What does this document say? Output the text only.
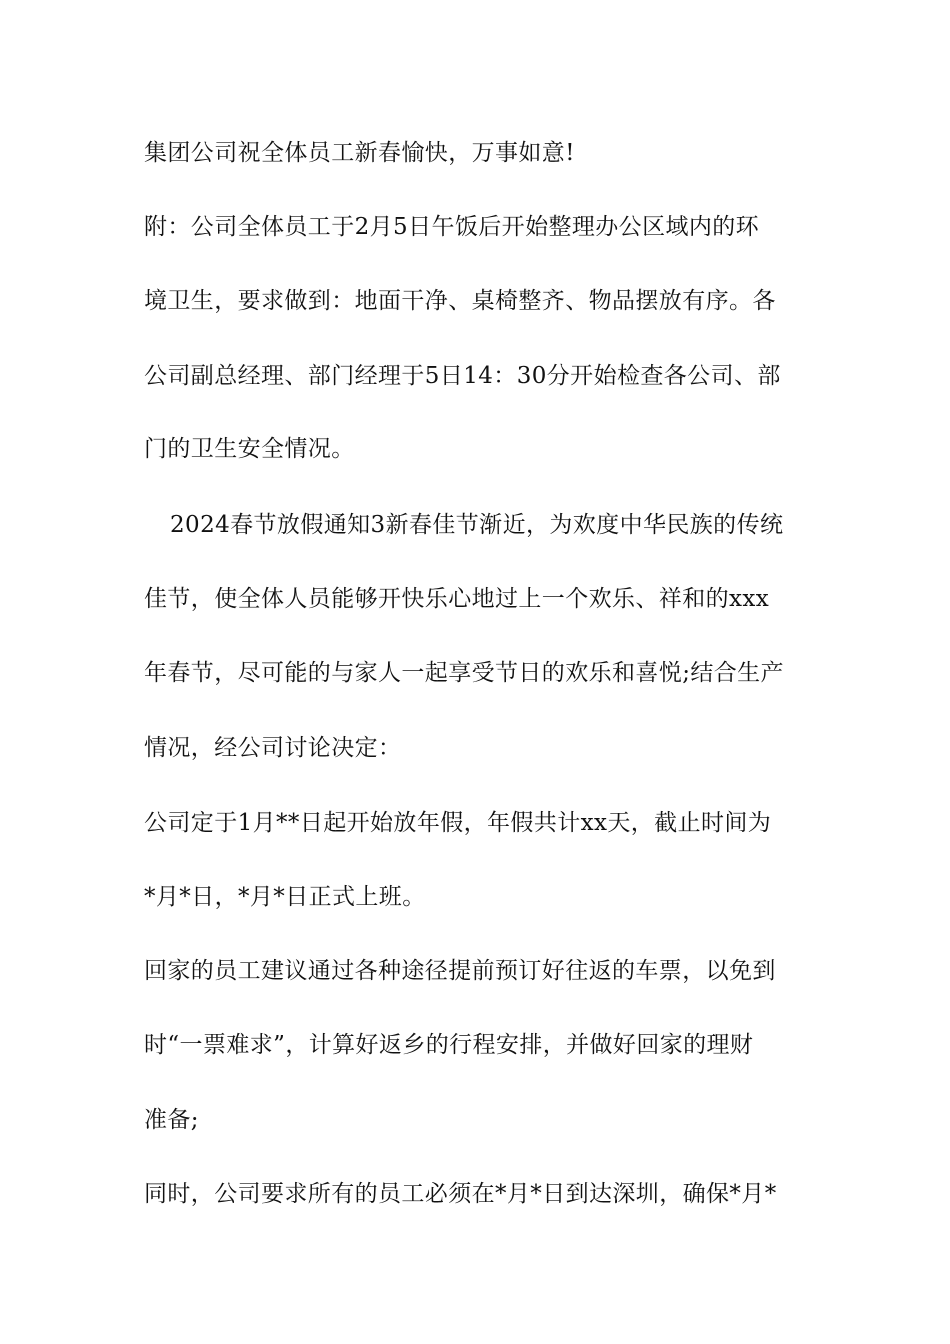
集团公司祝全体员工新春愉快，万事如意!
附：公司全体员工于2月5日午饭后开始整理办公区域内的环
境卫生，要求做到：地面干净、桌椅整齐、物品摆放有序。各
公司副总经理、部门经理于5日14：30分开始检查各公司、部
门的卫生安全情况。
2024春节放假通知3新春佳节渐近，为欢度中华民族的传统
佳节，使全体人员能够开快乐心地过上一个欢乐、祥和的xxx
年春节，尽可能的与家人一起享受节日的欢乐和喜悦;结合生产
情况，经公司讨论决定：
公司定于1月**日起开始放年假，年假共计xx天，截止时间为
*月*日，*月*日正式上班。
回家的员工建议通过各种途径提前预订好往返的车票，以免到
时“一票难求”，计算好返乡的行程安排，并做好回家的理财
准备;
同时，公司要求所有的员工必须在*月*日到达深圳，确保*月*
